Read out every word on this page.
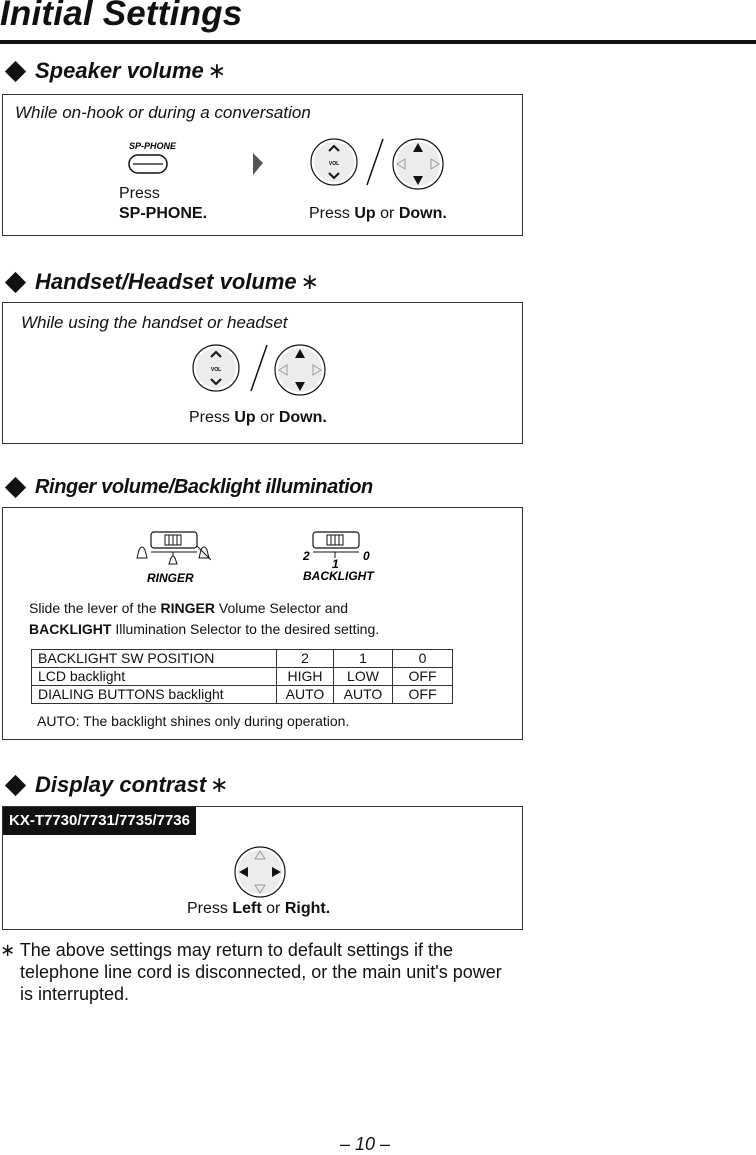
Initial Settings
Speaker volume ∗
While on-hook or during a conversation
SP-PHONE
Press
SP-PHONE.
VOL
Press Up or Down.
Handset/Headset volume ∗
While using the handset or headset
VOL
Press Up or Down.
Ringer volume/Backlight illumination
RINGER
2
1
0
BACKLIGHT
Slide the lever of the RINGER Volume Selector and
BACKLIGHT Illumination Selector to the desired setting.
BACKLIGHT SW POSITION	2	1	0
LCD backlight	HIGH	LOW	OFF
DIALING BUTTONS backlight	AUTO	AUTO	OFF
AUTO: The backlight shines only during operation.
Display contrast ∗
KX-T7730/7731/7735/7736
Press Left or Right.
∗ The above settings may return to default settings if the
telephone line cord is disconnected, or the main unit's power
is interrupted.
– 10 –
